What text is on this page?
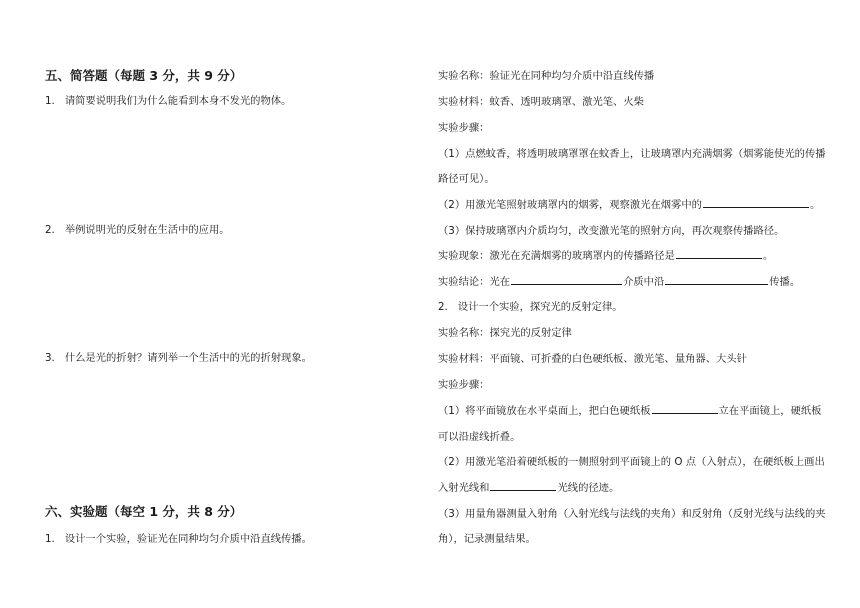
五、简答题（每题 3 分，共 9 分）
1. 请简要说明我们为什么能看到本身不发光的物体。
2. 举例说明光的反射在生活中的应用。
3. 什么是光的折射？请列举一个生活中的光的折射现象。
六、实验题（每空 1 分，共 8 分）
1. 设计一个实验，验证光在同种均匀介质中沿直线传播。
实验名称：验证光在同种均匀介质中沿直线传播
实验材料：蚊香、透明玻璃罩、激光笔、火柴
实验步骤：
（1）点燃蚊香，将透明玻璃罩罩在蚊香上，让玻璃罩内充满烟雾（烟雾能使光的传播
路径可见）。
（2）用激光笔照射玻璃罩内的烟雾，观察激光在烟雾中的	。
（3）保持玻璃罩内介质均匀，改变激光笔的照射方向，再次观察传播路径。
实验现象：激光在充满烟雾的玻璃罩内的传播路径是	。
实验结论：光在	介质中沿	传播。
2. 设计一个实验，探究光的反射定律。
实验名称：探究光的反射定律
实验材料：平面镜、可折叠的白色硬纸板、激光笔、量角器、大头针
实验步骤：
（1）将平面镜放在水平桌面上，把白色硬纸板	立在平面镜上，硬纸板
可以沿虚线折叠。
（2）用激光笔沿着硬纸板的一侧照射到平面镜上的 O 点（入射点），在硬纸板上画出
入射光线和	光线的径迹。
（3）用量角器测量入射角（入射光线与法线的夹角）和反射角（反射光线与法线的夹
角），记录测量结果。
